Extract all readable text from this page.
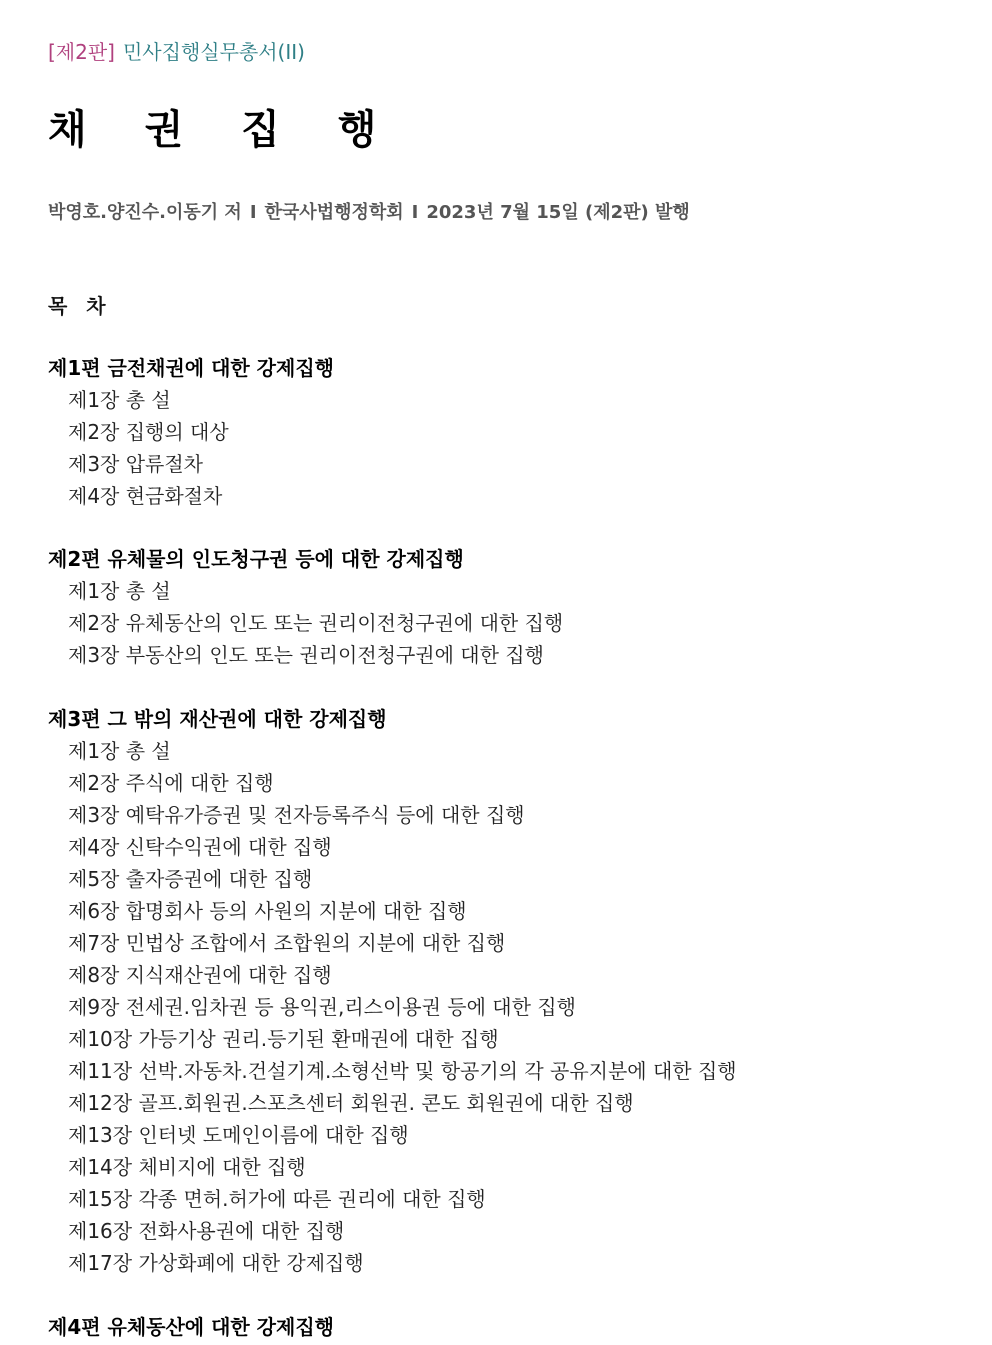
[제2판] 민사집행실무총서(II)
채 권 집 행
박영호.양진수.이동기 저 I 한국사법행정학회 I 2023년 7월 15일 (제2판) 발행
목 차
제1편 금전채권에 대한 강제집행
제1장 총 설
제2장 집행의 대상
제3장 압류절차
제4장 현금화절차
제2편 유체물의 인도청구권 등에 대한 강제집행
제1장 총 설
제2장 유체동산의 인도 또는 권리이전청구권에 대한 집행
제3장 부동산의 인도 또는 권리이전청구권에 대한 집행
제3편 그 밖의 재산권에 대한 강제집행
제1장 총 설
제2장 주식에 대한 집행
제3장 예탁유가증권 및 전자등록주식 등에 대한 집행
제4장 신탁수익권에 대한 집행
제5장 출자증권에 대한 집행
제6장 합명회사 등의 사원의 지분에 대한 집행
제7장 민법상 조합에서 조합원의 지분에 대한 집행
제8장 지식재산권에 대한 집행
제9장 전세권.임차권 등 용익권,리스이용권 등에 대한 집행
제10장 가등기상 권리.등기된 환매권에 대한 집행
제11장 선박.자동차.건설기계.소형선박 및 항공기의 각 공유지분에 대한 집행
제12장 골프.회원권.스포츠센터 회원권. 콘도 회원권에 대한 집행
제13장 인터넷 도메인이름에 대한 집행
제14장 체비지에 대한 집행
제15장 각종 면허.허가에 따른 권리에 대한 집행
제16장 전화사용권에 대한 집행
제17장 가상화폐에 대한 강제집행
제4편 유체동산에 대한 강제집행
